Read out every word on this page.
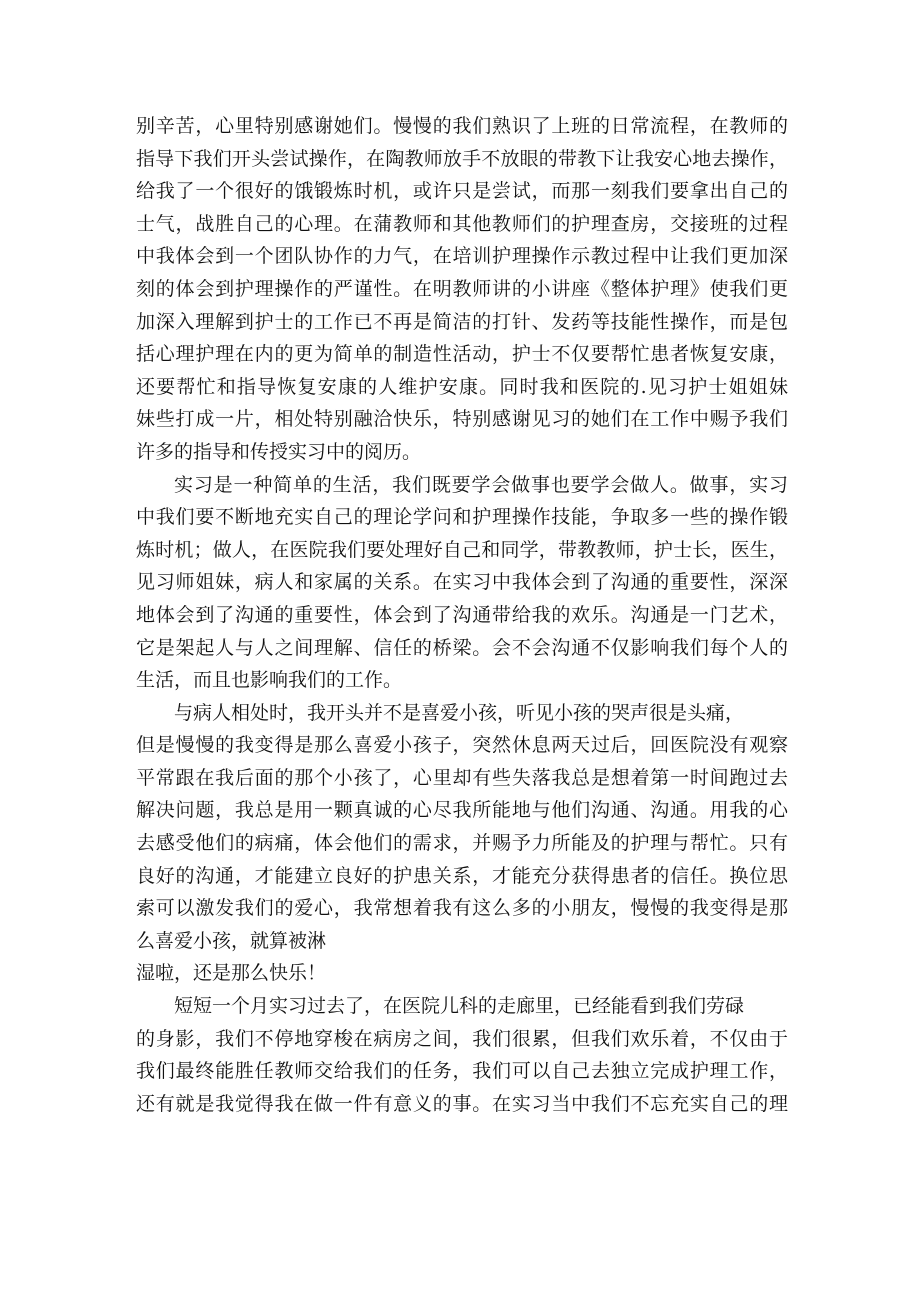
别辛苦，心里特别感谢她们。慢慢的我们熟识了上班的日常流程，在教师的
指导下我们开头尝试操作，在陶教师放手不放眼的带教下让我安心地去操作，
给我了一个很好的饿锻炼时机，或许只是尝试，而那一刻我们要拿出自己的
士气，战胜自己的心理。在蒲教师和其他教师们的护理查房，交接班的过程
中我体会到一个团队协作的力气，在培训护理操作示教过程中让我们更加深
刻的体会到护理操作的严谨性。在明教师讲的小讲座《整体护理》使我们更
加深入理解到护士的工作已不再是简洁的打针、发药等技能性操作，而是包
括心理护理在内的更为简单的制造性活动，护士不仅要帮忙患者恢复安康，
还要帮忙和指导恢复安康的人维护安康。同时我和医院的.见习护士姐姐妹
妹些打成一片，相处特别融洽快乐，特别感谢见习的她们在工作中赐予我们
许多的指导和传授实习中的阅历。
实习是一种简单的生活，我们既要学会做事也要学会做人。做事，实习
中我们要不断地充实自己的理论学问和护理操作技能，争取多一些的操作锻
炼时机；做人，在医院我们要处理好自己和同学，带教教师，护士长，医生，
见习师姐妹，病人和家属的关系。在实习中我体会到了沟通的重要性，深深
地体会到了沟通的重要性，体会到了沟通带给我的欢乐。沟通是一门艺术，
它是架起人与人之间理解、信任的桥梁。会不会沟通不仅影响我们每个人的
生活，而且也影响我们的工作。
与病人相处时，我开头并不是喜爱小孩，听见小孩的哭声很是头痛，
但是慢慢的我变得是那么喜爱小孩子，突然休息两天过后，回医院没有观察
平常跟在我后面的那个小孩了，心里却有些失落我总是想着第一时间跑过去
解决问题，我总是用一颗真诚的心尽我所能地与他们沟通、沟通。用我的心
去感受他们的病痛，体会他们的需求，并赐予力所能及的护理与帮忙。只有
良好的沟通，才能建立良好的护患关系，才能充分获得患者的信任。换位思
索可以激发我们的爱心，我常想着我有这么多的小朋友，慢慢的我变得是那
么喜爱小孩，就算被淋
湿啦，还是那么快乐！
短短一个月实习过去了，在医院儿科的走廊里，已经能看到我们劳碌
的身影，我们不停地穿梭在病房之间，我们很累，但我们欢乐着，不仅由于
我们最终能胜任教师交给我们的任务，我们可以自己去独立完成护理工作，
还有就是我觉得我在做一件有意义的事。在实习当中我们不忘充实自己的理
